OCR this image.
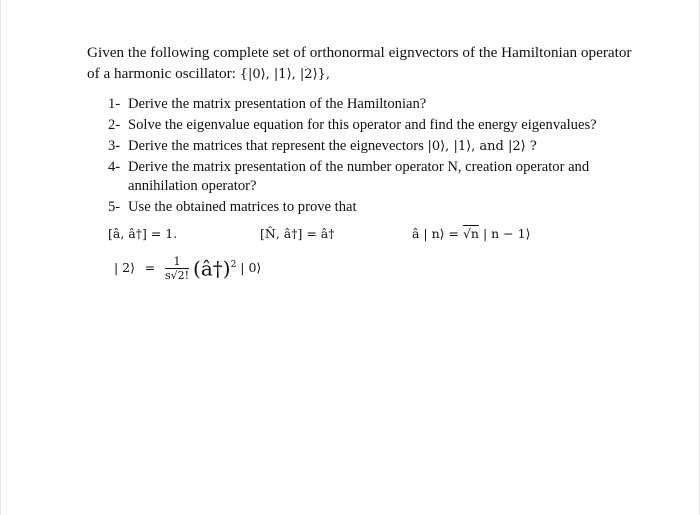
Given the following complete set of orthonormal eignvectors of the Hamiltonian operator
of a harmonic oscillator: {|0⟩, |1⟩, |2⟩},
1- Derive the matrix presentation of the Hamiltonian?
2- Solve the eigenvalue equation for this operator and find the energy eigenvalues?
3- Derive the matrices that represent the eignevectors |0⟩, |1⟩, and |2⟩ ?
4- Derive the matrix presentation of the number operator N, creation operator and
annihilation operator?
5- Use the obtained matrices to prove that
[â, â†] = 1.	[N̂, â†] = â†	â | n⟩ = √n | n − 1⟩
| 2⟩ = $\frac{1}{s√2!}$ (â†)$^2$ | 0⟩
